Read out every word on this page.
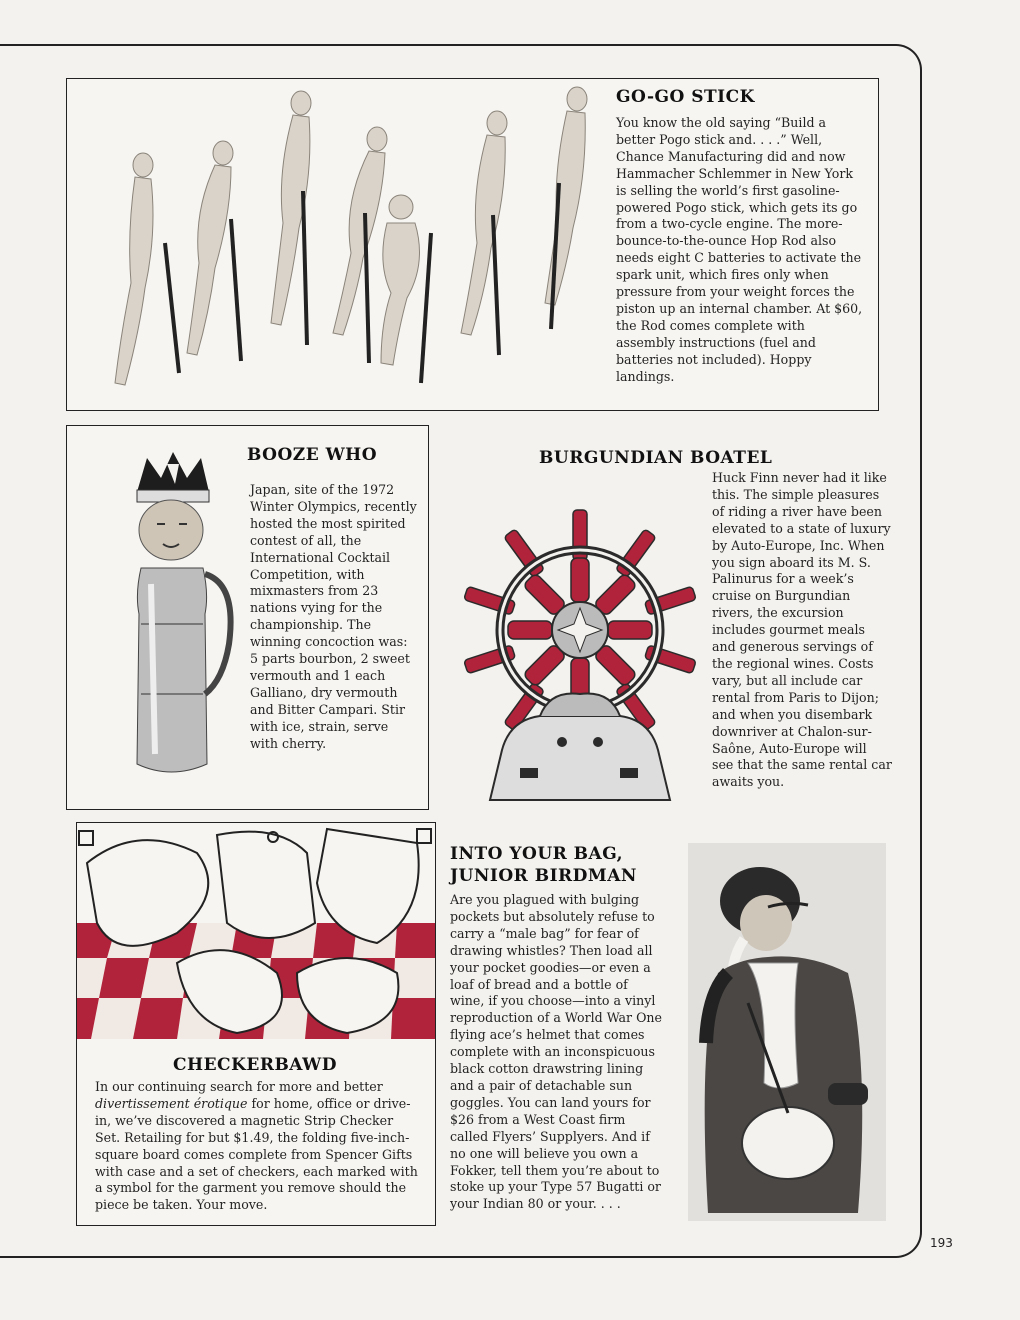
GO-GO STICK
You know the old saying “Build a better Pogo stick and. . . .” Well, Chance Manufacturing did and now Hammacher Schlemmer in New York is selling the world’s first gasoline-powered Pogo stick, which gets its go from a two-cycle engine. The more-bounce-to-the-ounce Hop Rod also needs eight C batteries to activate the spark unit, which fires only when pressure from your weight forces the piston up an internal chamber. At $60, the Rod comes complete with assembly instructions (fuel and batteries not included). Hoppy landings.
BOOZE WHO
Japan, site of the 1972 Winter Olympics, recently hosted the most spirited contest of all, the International Cocktail Competition, with mixmasters from 23 nations vying for the championship. The winning concoction was: 5 parts bourbon, 2 sweet vermouth and 1 each Galliano, dry vermouth and Bitter Campari. Stir with ice, strain, serve with cherry.
BURGUNDIAN BOATEL
Huck Finn never had it like this. The simple pleasures of riding a river have been elevated to a state of luxury by Auto-Europe, Inc. When you sign aboard its M. S. Palinurus for a week’s cruise on Burgundian rivers, the excursion includes gourmet meals and generous servings of the regional wines. Costs vary, but all include car rental from Paris to Dijon; and when you disembark downriver at Chalon-sur-Saône, Auto-Europe will see that the same rental car awaits you.
CHECKERBAWD
In our continuing search for more and better divertissement érotique for home, office or drive-in, we’ve discovered a magnetic Strip Checker Set. Retailing for but $1.49, the folding five-inch-square board comes complete from Spencer Gifts with case and a set of checkers, each marked with a symbol for the garment you remove should the piece be taken. Your move.
INTO YOUR BAG,
JUNIOR BIRDMAN
Are you plagued with bulging pockets but absolutely refuse to carry a “male bag” for fear of drawing whistles? Then load all your pocket goodies—or even a loaf of bread and a bottle of wine, if you choose—into a vinyl reproduction of a World War One flying ace’s helmet that comes complete with an inconspicuous black cotton drawstring lining and a pair of detachable sun goggles. You can land yours for $26 from a West Coast firm called Flyers’ Supplyers. And if no one will believe you own a Fokker, tell them you’re about to stoke up your Type 57 Bugatti or your Indian 80 or your. . . .
193
